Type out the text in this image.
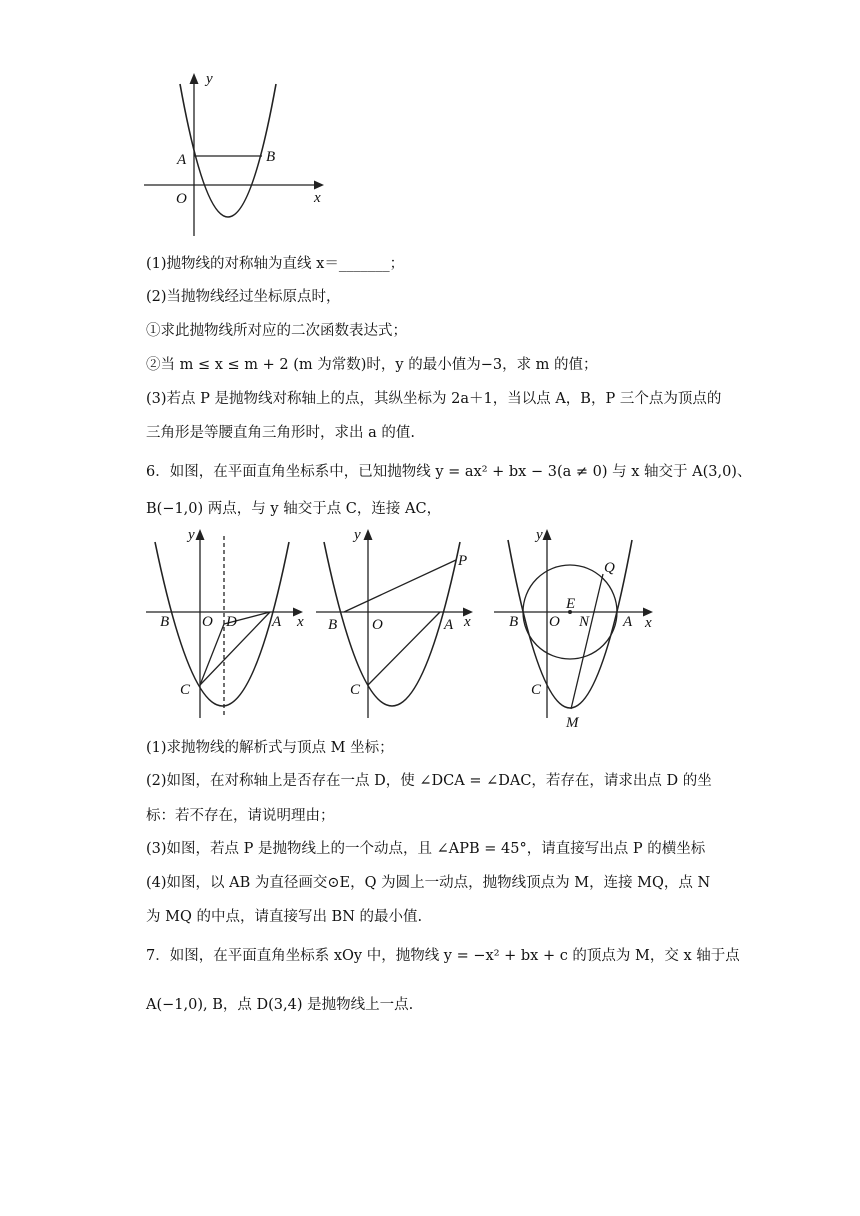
y
x
A	B
O
(1)抛物线的对称轴为直线 x＝_______；
(2)当抛物线经过坐标原点时，
①求此抛物线所对应的二次函数表达式；
②当 m ≤ x ≤ m + 2 (m 为常数)时，y 的最小值为−3，求 m 的值；
(3)若点 P 是抛物线对称轴上的点，其纵坐标为 2a＋1，当以点 A，B，P 三个点为顶点的
三角形是等腰直角三角形时，求出 a 的值.
6．如图，在平面直角坐标系中，已知抛物线 y = ax² + bx − 3(a ≠ 0) 与 x 轴交于 A(3,0)、
B(−1,0) 两点，与 y 轴交于点 C，连接 AC，
y
x
B O D A
C
y
x
B O	A
C
P
y
x
B O
E
N A
C
Q
M
(1)求抛物线的解析式与顶点 M 坐标；
(2)如图，在对称轴上是否存在一点 D，使 ∠DCA = ∠DAC，若存在，请求出点 D 的坐
标：若不存在，请说明理由；
(3)如图，若点 P 是抛物线上的一个动点，且 ∠APB = 45°，请直接写出点 P 的横坐标
(4)如图，以 AB 为直径画交⊙E，Q 为圆上一动点，抛物线顶点为 M，连接 MQ，点 N
为 MQ 的中点，请直接写出 BN 的最小值.
7．如图，在平面直角坐标系 xOy 中，抛物线 y = −x² + bx + c 的顶点为 M，交 x 轴于点
A(−1,0), B，点 D(3,4) 是抛物线上一点.
